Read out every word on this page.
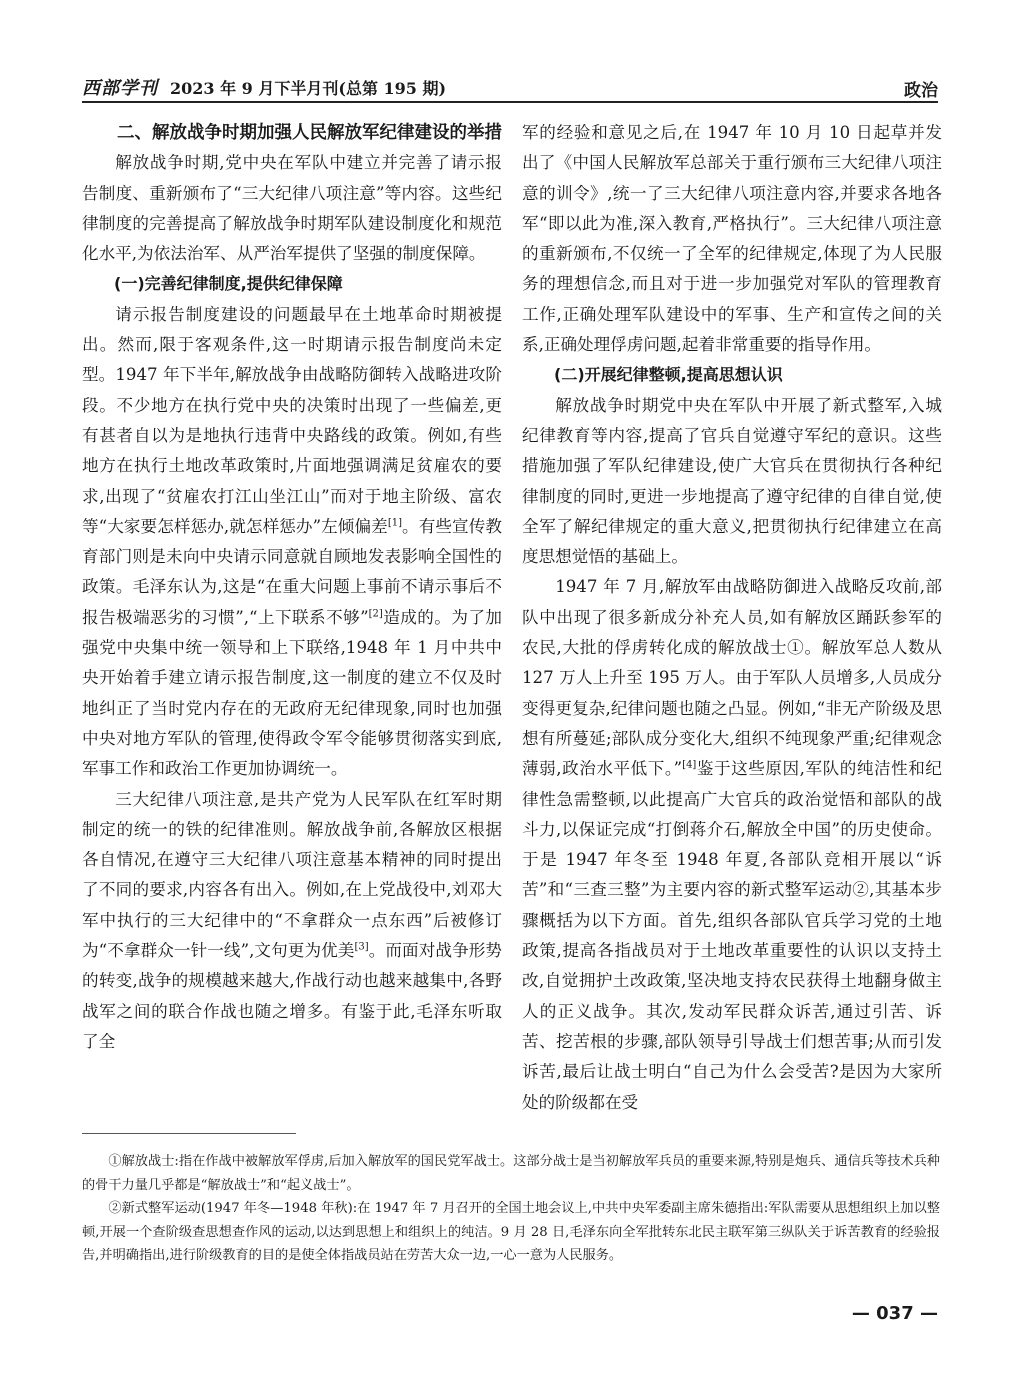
西部学刊 2023 年 9 月下半月刊(总第 195 期)	政治
二、解放战争时期加强人民解放军纪律建设的举措

解放战争时期,党中央在军队中建立并完善了请示报告制度、重新颁布了“三大纪律八项注意”等内容。这些纪律制度的完善提高了解放战争时期军队建设制度化和规范化水平,为依法治军、从严治军提供了坚强的制度保障。

(一)完善纪律制度,提供纪律保障

请示报告制度建设的问题最早在土地革命时期被提出。然而,限于客观条件,这一时期请示报告制度尚未定型。1947 年下半年,解放战争由战略防御转入战略进攻阶段。不少地方在执行党中央的决策时出现了一些偏差,更有甚者自以为是地执行违背中央路线的政策。例如,有些地方在执行土地改革政策时,片面地强调满足贫雇农的要求,出现了“贫雇农打江山坐江山”而对于地主阶级、富农等“大家要怎样惩办,就怎样惩办”左倾偏差[1]。有些宣传教育部门则是未向中央请示同意就自顾地发表影响全国性的政策。毛泽东认为,这是“在重大问题上事前不请示事后不报告极端恶劣的习惯”,“上下联系不够”[2]造成的。为了加强党中央集中统一领导和上下联络,1948 年 1 月中共中央开始着手建立请示报告制度,这一制度的建立不仅及时地纠正了当时党内存在的无政府无纪律现象,同时也加强中央对地方军队的管理,使得政令军令能够贯彻落实到底,军事工作和政治工作更加协调统一。

三大纪律八项注意,是共产党为人民军队在红军时期制定的统一的铁的纪律准则。解放战争前,各解放区根据各自情况,在遵守三大纪律八项注意基本精神的同时提出了不同的要求,内容各有出入。例如,在上党战役中,刘邓大军中执行的三大纪律中的“不拿群众一点东西”后被修订为“不拿群众一针一线”,文句更为优美[3]。而面对战争形势的转变,战争的规模越来越大,作战行动也越来越集中,各野战军之间的联合作战也随之增多。有鉴于此,毛泽东听取了全

军的经验和意见之后,在 1947 年 10 月 10 日起草并发出了《中国人民解放军总部关于重行颁布三大纪律八项注意的训令》,统一了三大纪律八项注意内容,并要求各地各军“即以此为准,深入教育,严格执行”。三大纪律八项注意的重新颁布,不仅统一了全军的纪律规定,体现了为人民服务的理想信念,而且对于进一步加强党对军队的管理教育工作,正确处理军队建设中的军事、生产和宣传之间的关系,正确处理俘虏问题,起着非常重要的指导作用。

(二)开展纪律整顿,提高思想认识

解放战争时期党中央在军队中开展了新式整军,入城纪律教育等内容,提高了官兵自觉遵守军纪的意识。这些措施加强了军队纪律建设,使广大官兵在贯彻执行各种纪律制度的同时,更进一步地提高了遵守纪律的自律自觉,使全军了解纪律规定的重大意义,把贯彻执行纪律建立在高度思想觉悟的基础上。

1947 年 7 月,解放军由战略防御进入战略反攻前,部队中出现了很多新成分补充人员,如有解放区踊跃参军的农民,大批的俘虏转化成的解放战士①。解放军总人数从 127 万人上升至 195 万人。由于军队人员增多,人员成分变得更复杂,纪律问题也随之凸显。例如,“非无产阶级及思想有所蔓延;部队成分变化大,组织不纯现象严重;纪律观念薄弱,政治水平低下。”[4]鉴于这些原因,军队的纯洁性和纪律性急需整顿,以此提高广大官兵的政治觉悟和部队的战斗力,以保证完成“打倒蒋介石,解放全中国”的历史使命。于是 1947 年冬至 1948 年夏,各部队竞相开展以“诉苦”和“三查三整”为主要内容的新式整军运动②,其基本步骤概括为以下方面。首先,组织各部队官兵学习党的土地政策,提高各指战员对于土地改革重要性的认识以支持土改,自觉拥护土改政策,坚决地支持农民获得土地翻身做主人的正义战争。其次,发动军民群众诉苦,通过引苦、诉苦、挖苦根的步骤,部队领导引导战士们想苦事;从而引发诉苦,最后让战士明白“自己为什么会受苦?是因为大家所处的阶级都在受

①解放战士:指在作战中被解放军俘虏,后加入解放军的国民党军战士。这部分战士是当初解放军兵员的重要来源,特别是炮兵、通信兵等技术兵种的骨干力量几乎都是“解放战士”和“起义战士”。

②新式整军运动(1947 年冬—1948 年秋):在 1947 年 7 月召开的全国土地会议上,中共中央军委副主席朱德指出:军队需要从思想组织上加以整顿,开展一个查阶级查思想查作风的运动,以达到思想上和组织上的纯洁。9 月 28 日,毛泽东向全军批转东北民主联军第三纵队关于诉苦教育的经验报告,并明确指出,进行阶级教育的目的是使全体指战员站在劳苦大众一边,一心一意为人民服务。

— 037 —
